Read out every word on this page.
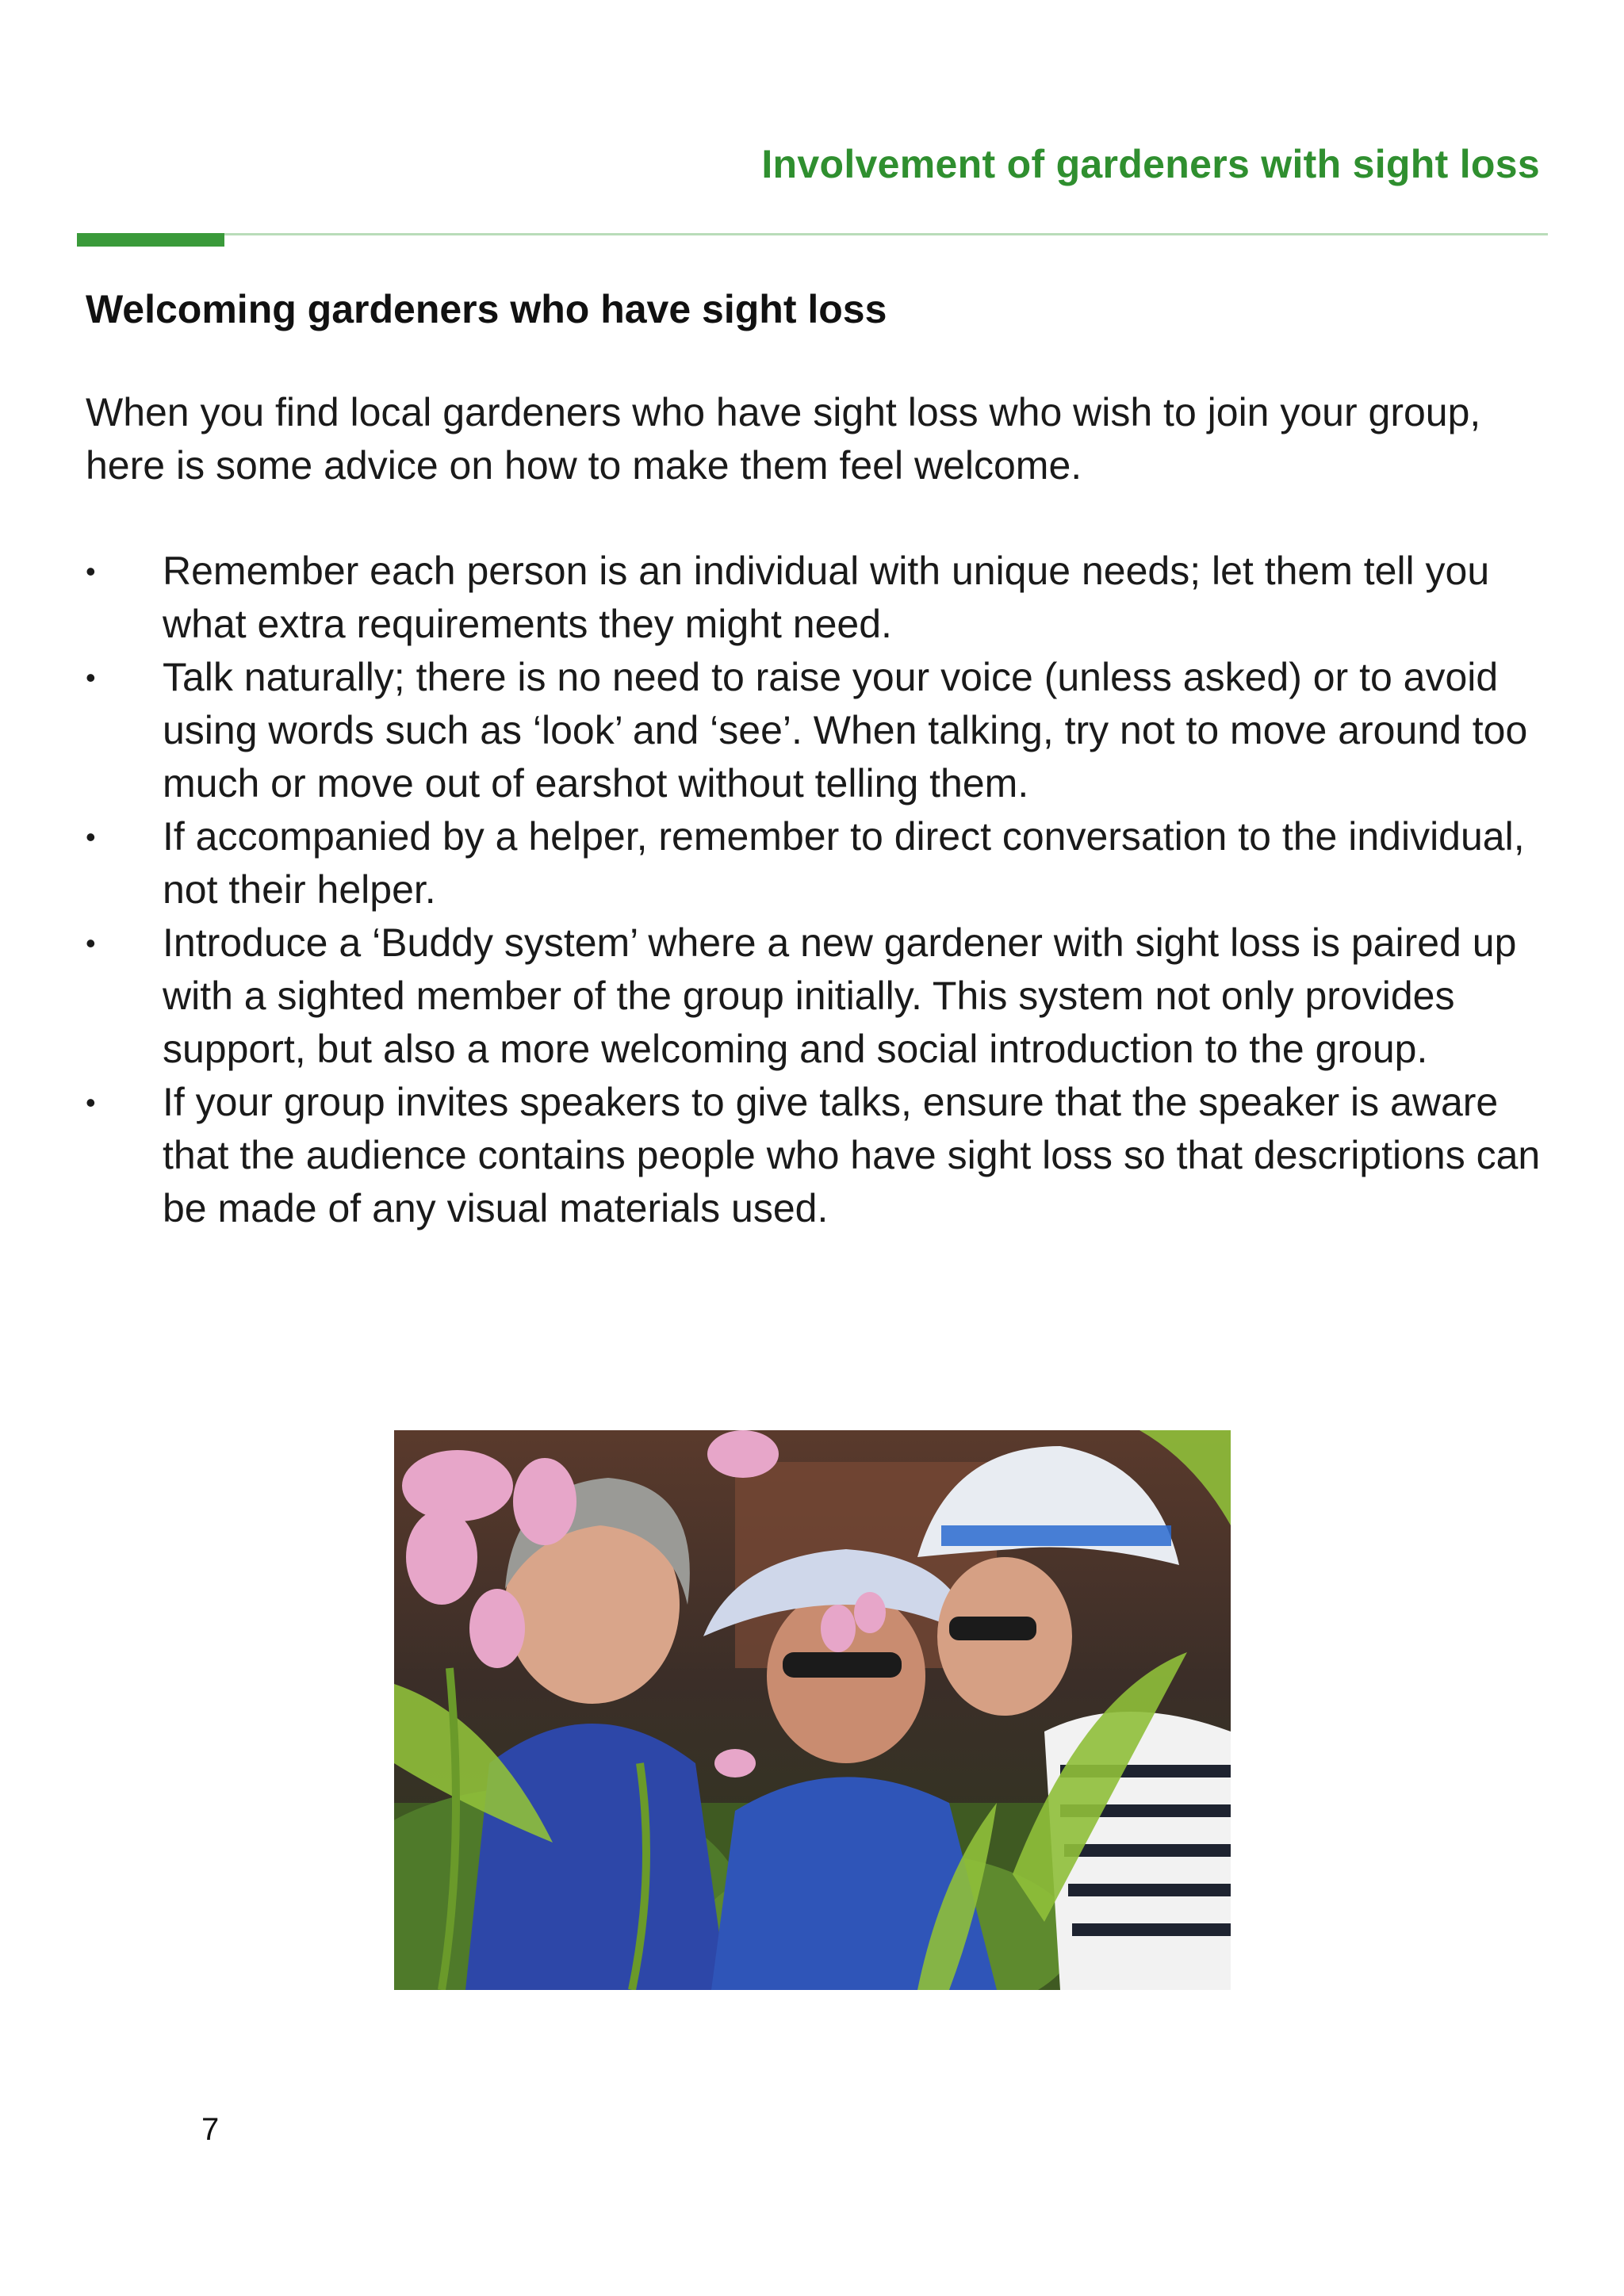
Involvement of gardeners with sight loss
Welcoming gardeners who have sight loss

When you find local gardeners who have sight loss who wish to join your group, here is some advice on how to make them feel welcome.

• Remember each person is an individual with unique needs; let them tell you what extra requirements they might need.
• Talk naturally; there is no need to raise your voice (unless asked) or to avoid using words such as ‘look’ and ‘see’. When talking, try not to move around too much or move out of earshot without telling them.
• If accompanied by a helper, remember to direct conversation to the individual, not their helper.
• Introduce a ‘Buddy system’ where a new gardener with sight loss is paired up with a sighted member of the group initially. This system not only provides support, but also a more welcoming and social introduction to the group.
• If your group invites speakers to give talks, ensure that the speaker is aware that the audience contains people who have sight loss so that descriptions can be made of any visual materials used.
7
